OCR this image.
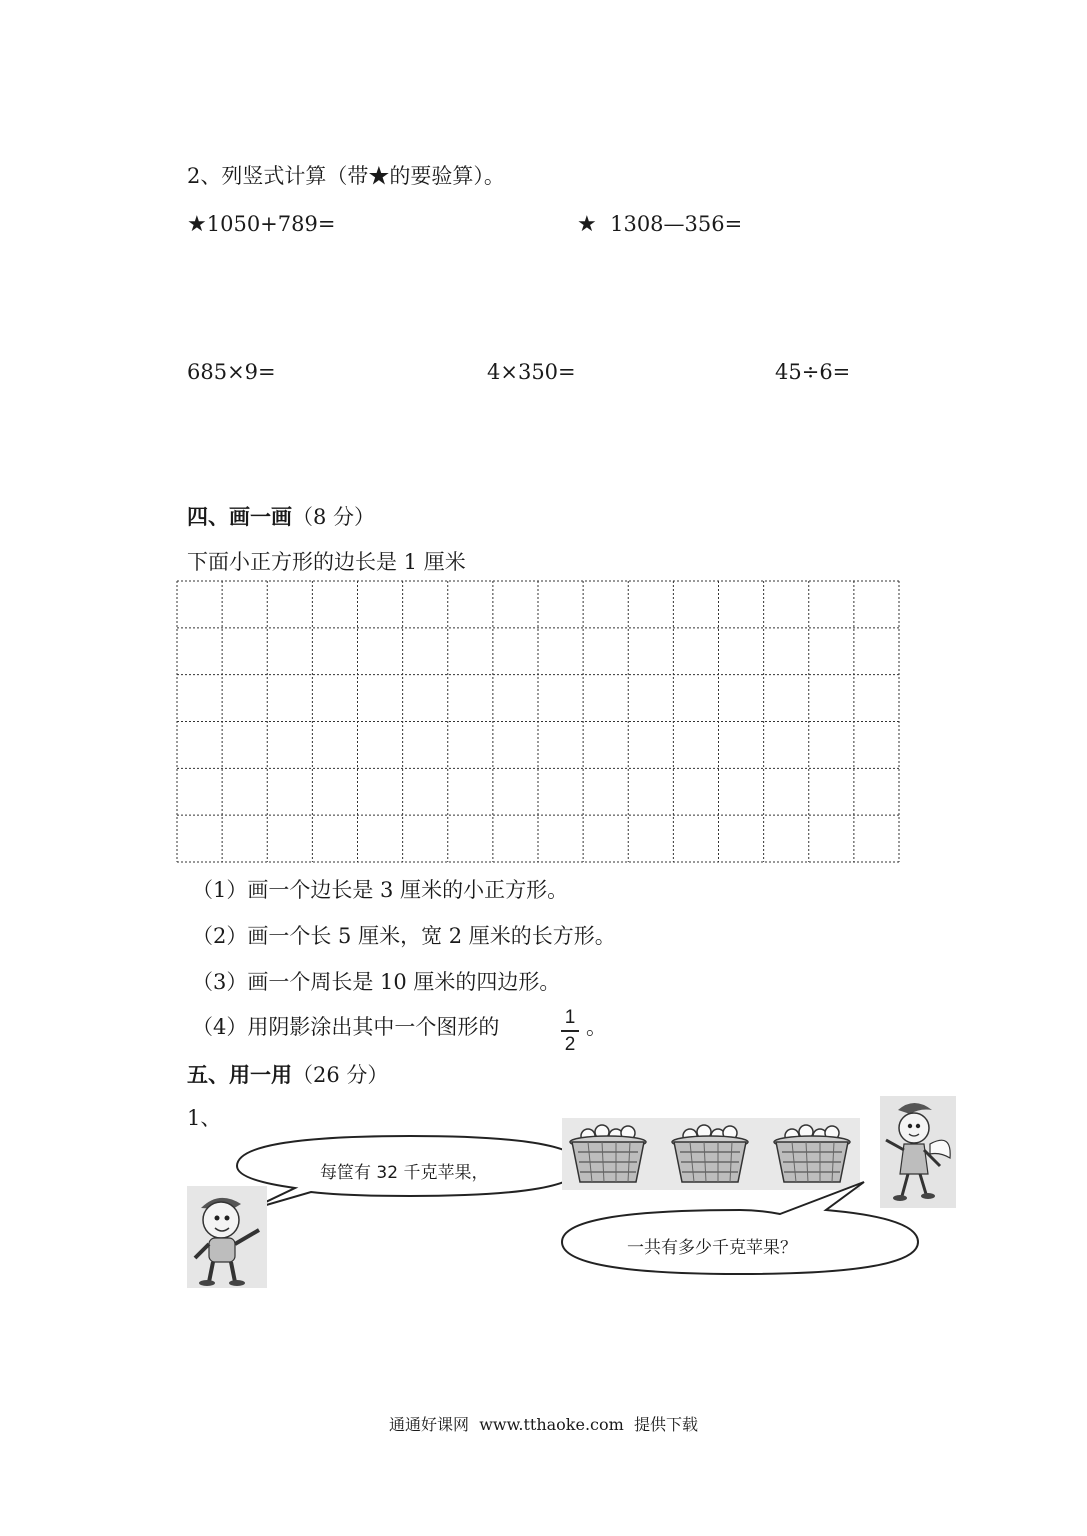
2、列竖式计算（带★的要验算）。
★1050+789=	★ 1308—356=
685×9=	4×350=	45÷6=
四、画一画（8 分）
下面小正方形的边长是 1 厘米
（1）画一个边长是 3 厘米的小正方形。
（2）画一个长 5 厘米，宽 2 厘米的长方形。
（3）画一个周长是 10 厘米的四边形。
（4）用阴影涂出其中一个图形的	1
2
。
五、用一用（26 分）
1、
每筐有 32 千克苹果，
一共有多少千克苹果？
通通好课网 www.tthaoke.com 提供下载
